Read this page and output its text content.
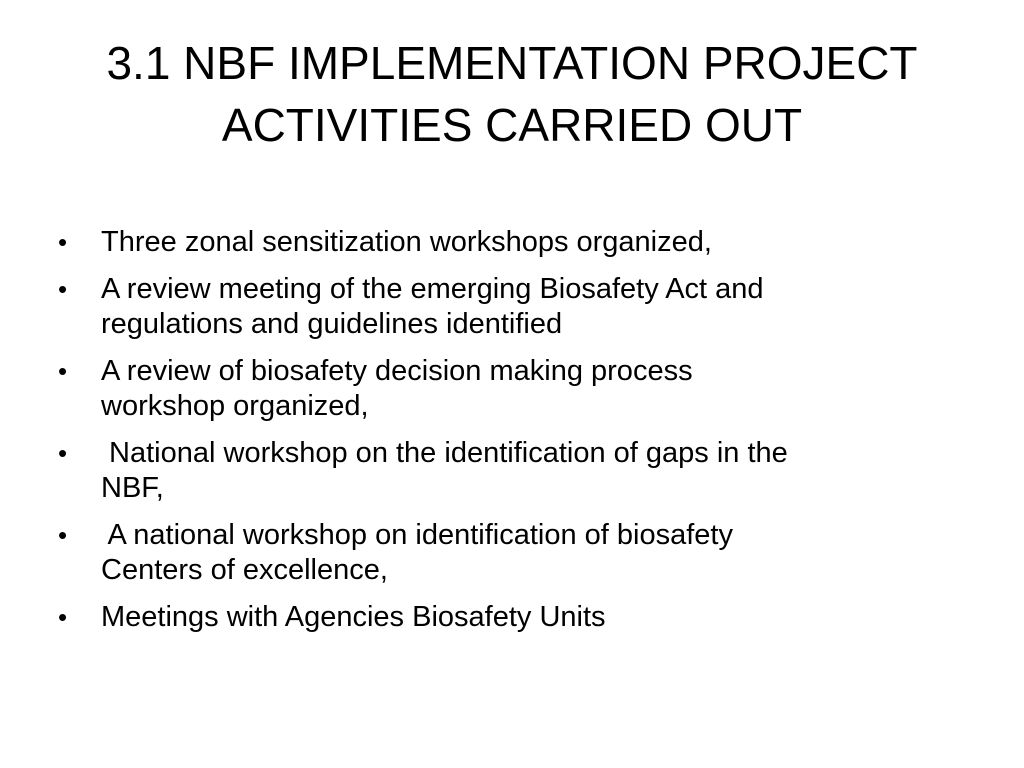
3.1 NBF IMPLEMENTATION PROJECT
ACTIVITIES CARRIED OUT
• Three zonal sensitization workshops organized,
• A review meeting of the emerging Biosafety Act and
regulations and guidelines identified
• A review of biosafety decision making process
workshop organized,
• National workshop on the identification of gaps in the
NBF,
• A national workshop on identification of biosafety
Centers of excellence,
• Meetings with Agencies Biosafety Units
